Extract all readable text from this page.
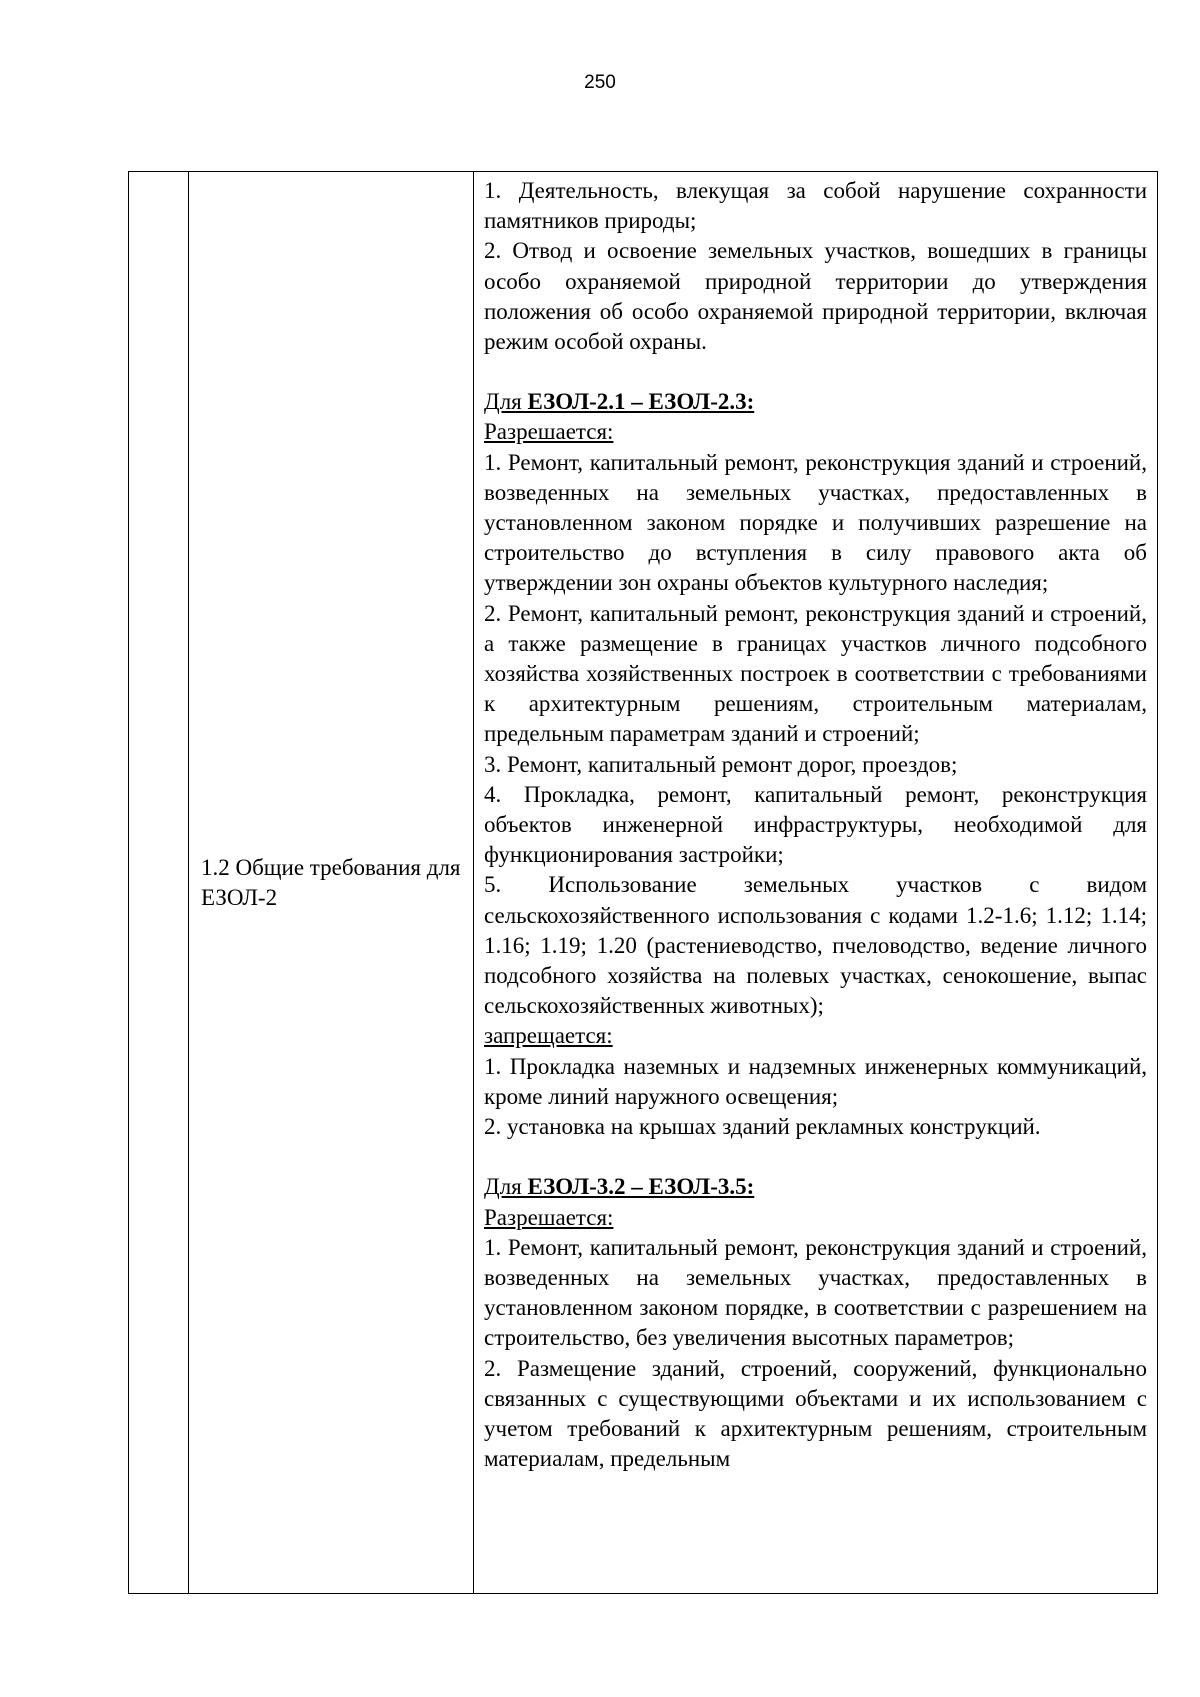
250
	1.2 Общие требования для ЕЗОЛ-2	

1. Деятельность, влекущая за собой нарушение сохранности памятников природы;

2. Отвод и освоение земельных участков, вошедших в границы особо охраняемой природной территории до утверждения положения об особо охраняемой природной территории, включая режим особой охраны.

Для ЕЗОЛ-2.1 – ЕЗОЛ-2.3:

Разрешается:

1. Ремонт, капитальный ремонт, реконструкция зданий и строений, возведенных на земельных участках, предоставленных в установленном законом порядке и получивших разрешение на строительство до вступления в силу правового акта об утверждении зон охраны объектов культурного наследия;

2. Ремонт, капитальный ремонт, реконструкция зданий и строений, а также размещение в границах участков личного подсобного хозяйства хозяйственных построек в соответствии с требованиями к архитектурным решениям, строительным материалам, предельным параметрам зданий и строений;

3. Ремонт, капитальный ремонт дорог, проездов;

4. Прокладка, ремонт, капитальный ремонт, реконструкция объектов инженерной инфраструктуры, необходимой для функционирования застройки;

5. Использование земельных участков с видом сельскохозяйственного использования с кодами 1.2-1.6; 1.12; 1.14; 1.16; 1.19; 1.20 (растениеводство, пчеловодство, ведение личного подсобного хозяйства на полевых участках, сенокошение, выпас сельскохозяйственных животных);

запрещается:

1. Прокладка наземных и надземных инженерных коммуникаций, кроме линий наружного освещения;

2. установка на крышах зданий рекламных конструкций.

Для ЕЗОЛ-3.2 – ЕЗОЛ-3.5:

Разрешается:

1. Ремонт, капитальный ремонт, реконструкция зданий и строений, возведенных на земельных участках, предоставленных в установленном законом порядке, в соответствии с разрешением на строительство, без увеличения высотных параметров;

2. Размещение зданий, строений, сооружений, функционально связанных с существующими объектами и их использованием с учетом требований к архитектурным решениям, строительным материалам, предельным
